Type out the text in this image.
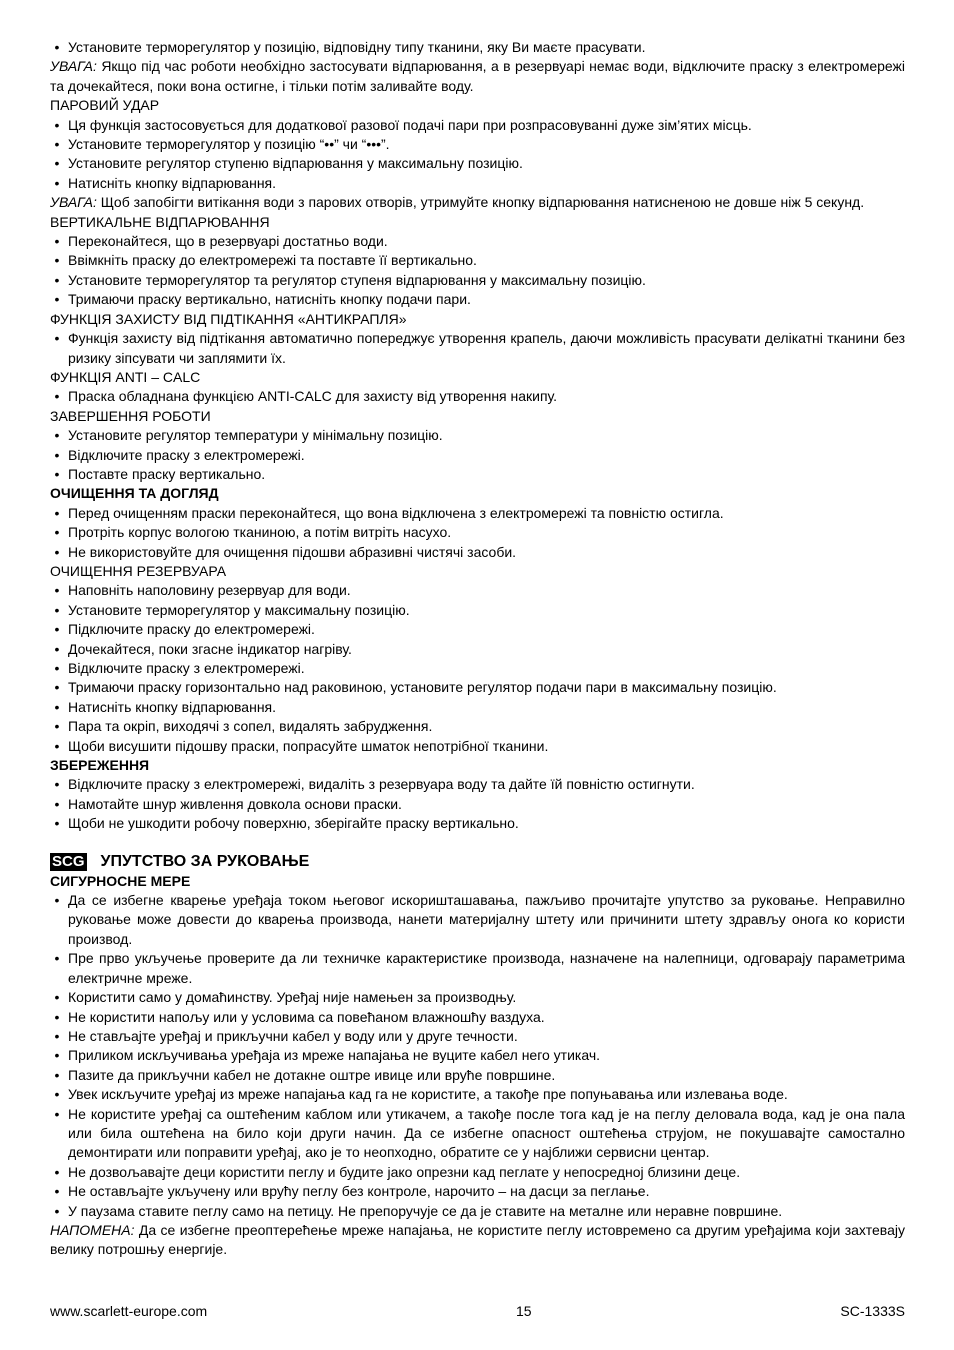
• Установите терморегулятор у позицію, відповідну типу тканини, яку Ви маєте прасувати.

УВАГА: Якщо під час роботи необхідно застосувати відпарювання, а в резервуарі немає води, відключите праску з електромережі та дочекайтеся, поки вона остигне, і тільки потім заливайте воду.

ПАРОВИЙ УДАР

• Ця функція застосовується для додаткової разової подачі пари при розпрасовуванні дуже зім’ятих місць.
• Установите терморегулятор у позицію “••” чи “•••”.
• Установите регулятор ступеню відпарювання у максимальну позицію.
• Натисніть кнопку відпарювання.

УВАГА: Щоб запобігти витікання води з парових отворів, утримуйте кнопку відпарювання натисненою не довше ніж 5 секунд.

ВЕРТИКАЛЬНЕ ВІДПАРЮВАННЯ

• Переконайтеся, що в резервуарі достатньо води.
• Ввімкніть праску до електромережі та поставте її вертикально.
• Установите терморегулятор та регулятор ступеня відпарювання у максимальну позицію.
• Тримаючи праску вертикально, натисніть кнопку подачи пари.

ФУНКЦІЯ ЗАХИСТУ ВІД ПІДТІКАННЯ «АНТИКРАПЛЯ»

• Функція захисту від підтікання автоматично попереджує утворення крапель, даючи можливість прасувати делікатні тканини без ризику зіпсувати чи заплямити їх.

ФУНКЦІЯ ANTI – CALC

• Праска обладнана функцією ANTI-CALC для захисту від утворення накипу.

ЗАВЕРШЕННЯ РОБОТИ

• Установите регулятор температури у мінімальну позицію.
• Відключите праску з електромережі.
• Поставте праску вертикально.

ОЧИЩЕННЯ ТА ДОГЛЯД

• Перед очищенням праски переконайтеся, що вона відключена з електромережі та повністю остигла.
• Протріть корпус вологою тканиною, а потім витріть насухо.
• Не використовуйте для очищення підошви абразивні чистячі засоби.

ОЧИЩЕННЯ РЕЗЕРВУАРА

• Наповніть наполовину резервуар для води.
• Установите терморегулятор у максимальну позицію.
• Підключите праску до електромережі.
• Дочекайтеся, поки згасне індикатор нагріву.
• Відключите праску з електромережі.
• Тримаючи праску горизонтально над раковиною, установите регулятор подачи пари в максимальну позицію.
• Натисніть кнопку відпарювання.
• Пара та окріп, виходячі з сопел, видалять забрудження.
• Щоби висушити підошву праски, попрасуйте шматок непотрібної тканини.

ЗБЕРЕЖЕННЯ

• Відключите праску з електромережі, видаліть з резервуара воду та дайте їй повністю остигнути.
• Намотайте шнур живлення довкола основи праски.
• Щоби не ушкодити робочу поверхню, зберігайте праску вертикально.
SCG УПУТСТВО ЗА РУКОВАЊЕ

СИГУРНОСНЕ МЕРЕ

• Да се избегне кварење уређаја током његовог искоришташавања, пажљиво прочитајте упутство за руковање. Неправилно руковање може довести до кварења производа, нанети материјалну штету или причинити штету здрављу онога ко користи производ.
• Пре прво укључење проверите да ли техничке карактеристике производа, назначене на налепници, одговарају параметрима електричне мреже.
• Користити само у домаћинству. Уређај није намењен за производњу.
• Не користити напољу или у условима са повећаном влажношћу ваздуха.
• Не стављајте уређај и прикључни кабел у воду или у друге течности.
• Приликом искључивања уређаја из мреже напајања не вуците кабел него утикач.
• Пазите да прикључни кабел не дотакне оштре ивице или вруће површине.
• Увек искључите уређај из мреже напајања кад га не користите, а такође пре попуњавања или излевања воде.
• Не користите уређај са оштећеним каблом или утикачем, а такође после тога кад је на пеглу деловала вода, кад је она пала или била оштећена на било који други начин. Да се избегне опасност оштећења струјом, не покушавајте самостално демонтирати или поправити уређај, ако је то неопходно, обратите се у најближи сервисни центар.
• Не дозвољавајте деци користити пеглу и будите јако опрезни кад пеглате у непосредној близини деце.
• Не остављајте укључену или врућу пеглу без контроле, нарочито – на дасци за пеглање.
• У паузама ставите пеглу само на петицу. Не препоручује се да је ставите на металне или неравне површине.

НАПОМЕНА: Да се избегне преоптерећење мреже напајања, не користите пеглу истовремено са другим уређајима који захтевају велику потрошњу енергије.

www.scarlett-europe.com	15	SC-1333S
